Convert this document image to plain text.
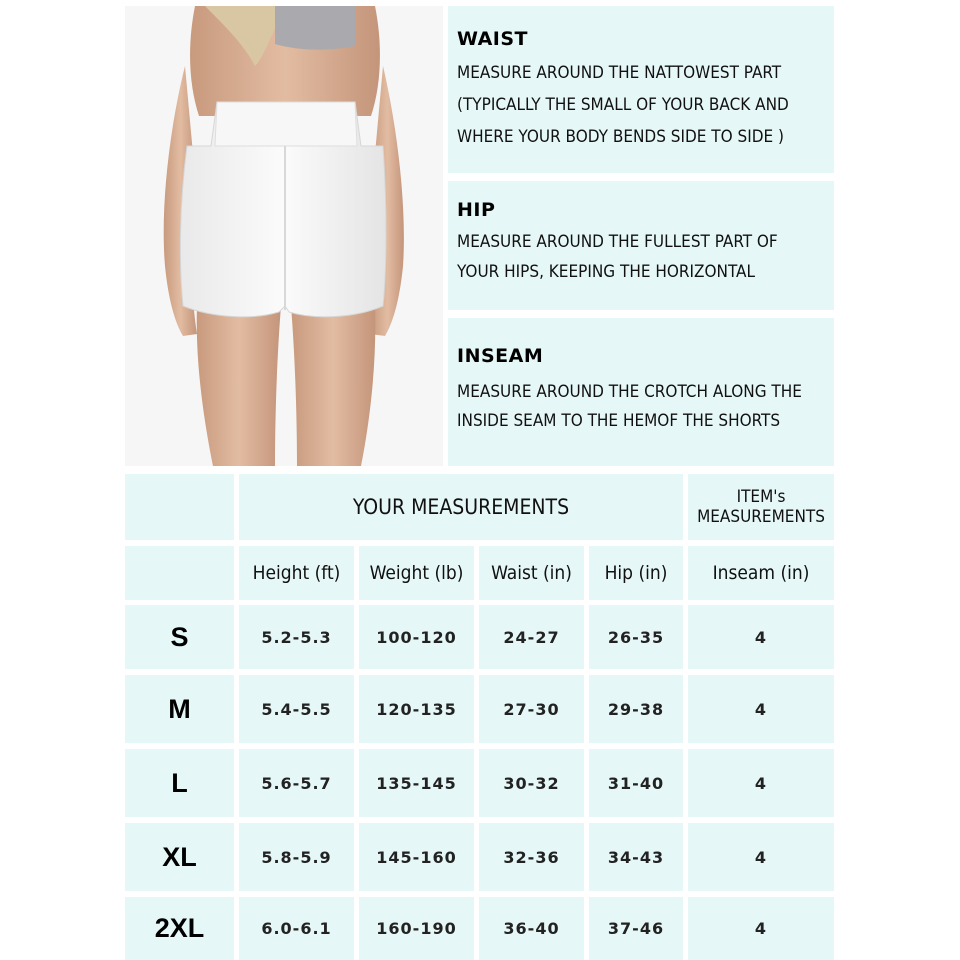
WAIST
MEASURE AROUND THE NATTOWEST PART
(TYPICALLY THE SMALL OF YOUR BACK AND
WHERE YOUR BODY BENDS SIDE TO SIDE )
HIP
MEASURE AROUND THE FULLEST PART OF
YOUR HIPS, KEEPING THE HORIZONTAL
INSEAM
MEASURE AROUND THE CROTCH ALONG THE
INSIDE SEAM TO THE HEMOF THE SHORTS
YOUR MEASUREMENTS	ITEM's
MEASUREMENTS
Height (ft) Weight (lb) Waist (in) Hip (in) Inseam (in)
S	5.2-5.3	100-120	24-27	26-35	4
M	5.4-5.5	120-135	27-30	29-38	4
L	5.6-5.7	135-145	30-32	31-40	4
XL	5.8-5.9	145-160	32-36	34-43	4
2XL	6.0-6.1	160-190	36-40	37-46	4
